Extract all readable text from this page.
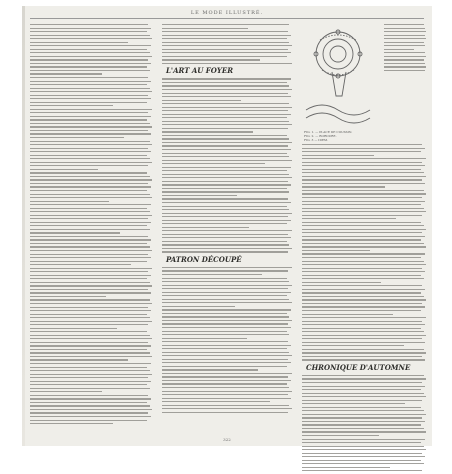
LE MODE ILLUSTRÉ.
L'ART AU FOYER
PATRON DÉCOUPÉ
FIG. 1. — PLACE DE COUSSIN.
FIG. 2. — BORDURE.
FIG. 3 — IDEM.
CHRONIQUE D'AUTOMNE
322
